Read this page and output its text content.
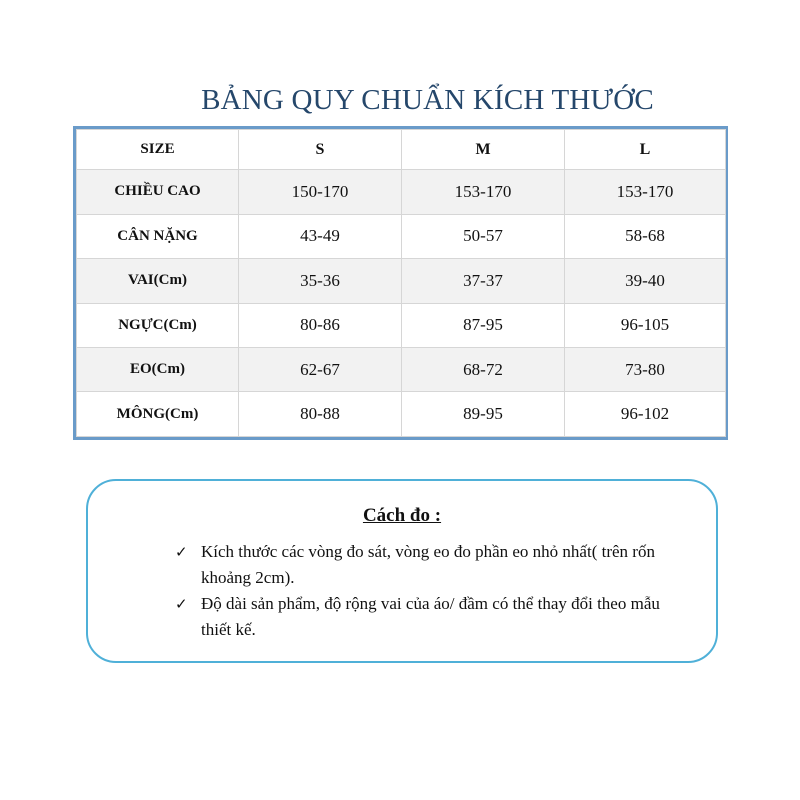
BẢNG QUY CHUẨN KÍCH THƯỚC
SIZE	S	M	L
CHIỀU CAO	150-170	153-170	153-170
CÂN NẶNG	43-49	50-57	58-68
VAI(Cm)	35-36	37-37	39-40
NGỰC(Cm)	80-86	87-95	96-105
EO(Cm)	62-67	68-72	73-80
MÔNG(Cm)	80-88	89-95	96-102

Cách đo :

✓ Kích thước các vòng đo sát, vòng eo đo phần eo nhỏ nhất( trên rốn khoảng 2cm).
✓ Độ dài sản phẩm, độ rộng vai của áo/ đầm có thể thay đổi theo mẫu thiết kế.
